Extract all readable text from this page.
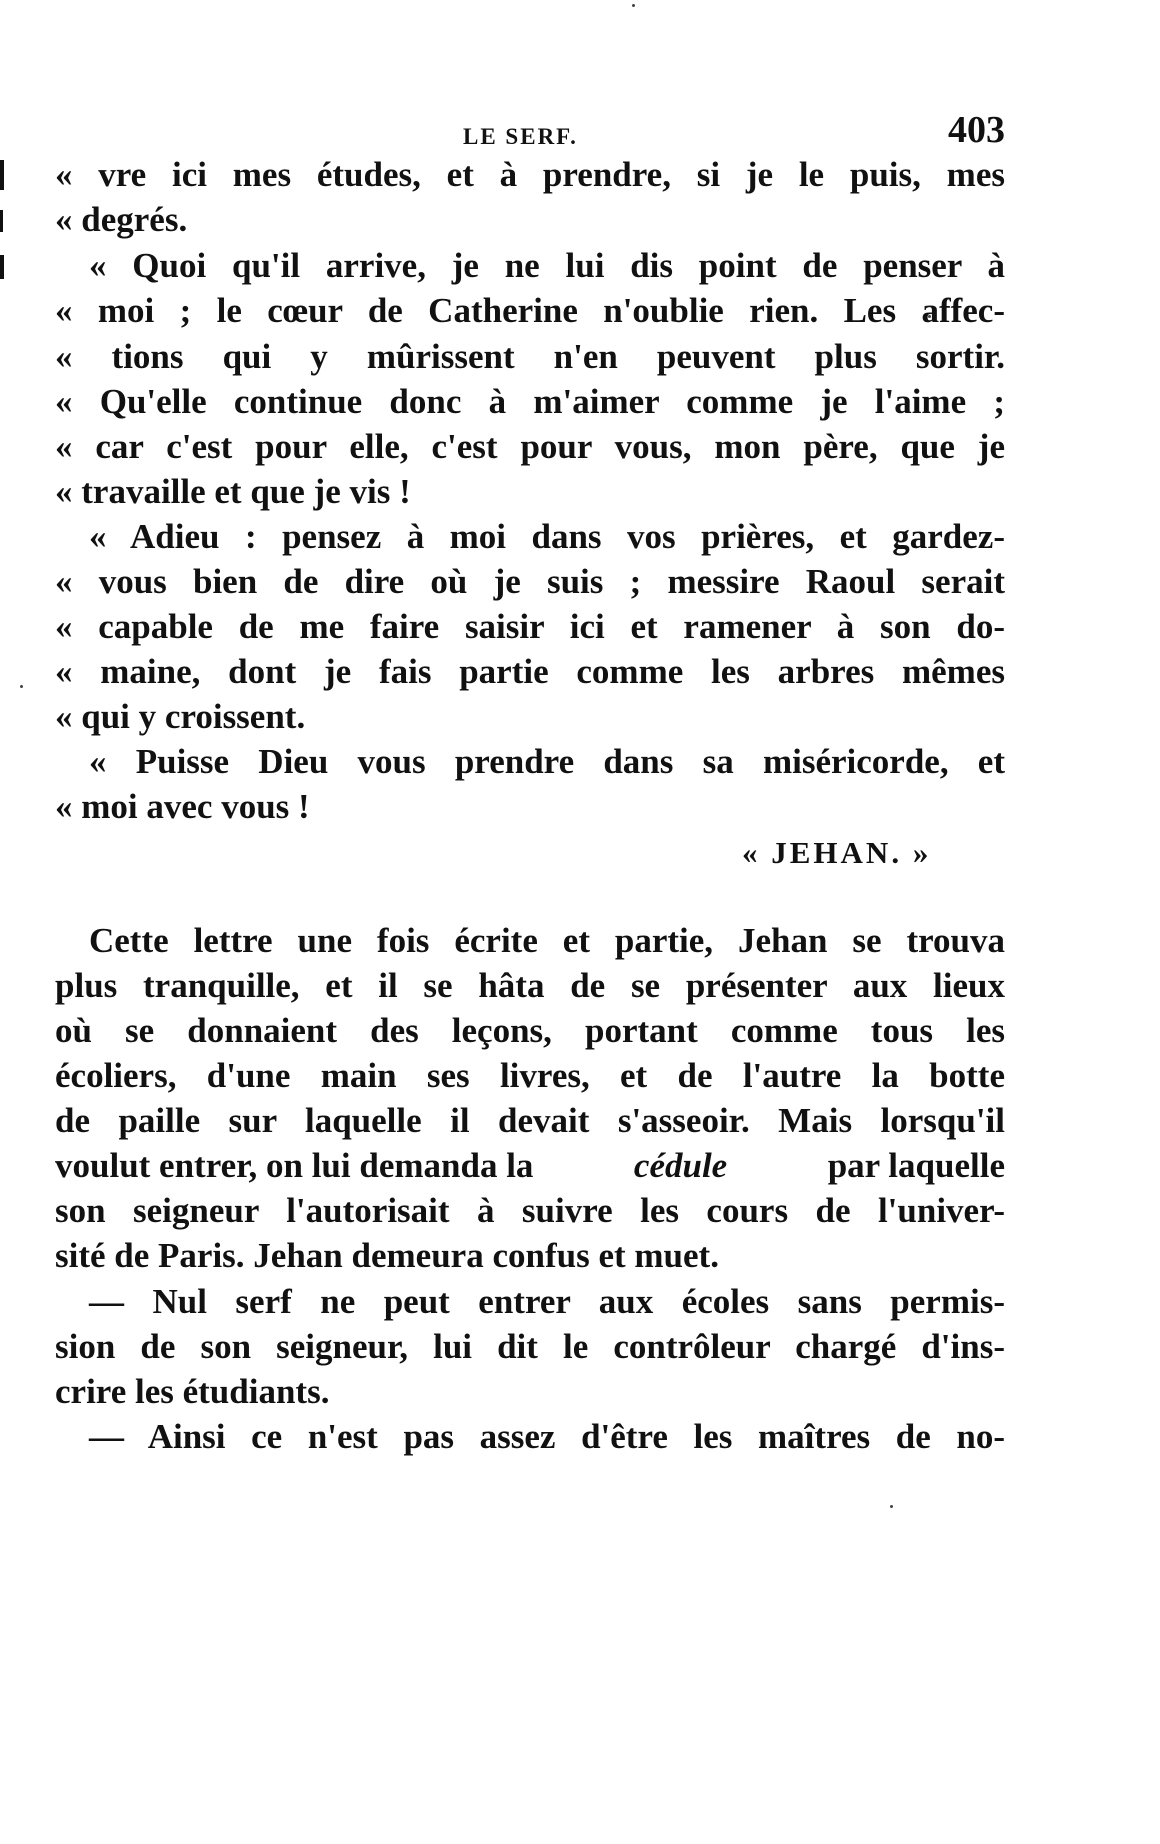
LE SERF.	403
« vre ici mes études, et à prendre, si je le puis, mes
« degrés.
« Quoi qu'il arrive, je ne lui dis point de penser à
« moi ; le cœur de Catherine n'oublie rien. Les affec-
« tions qui y mûrissent n'en peuvent plus sortir.
« Qu'elle continue donc à m'aimer comme je l'aime ;
« car c'est pour elle, c'est pour vous, mon père, que je
« travaille et que je vis !
« Adieu : pensez à moi dans vos prières, et gardez-
« vous bien de dire où je suis ; messire Raoul serait
« capable de me faire saisir ici et ramener à son do-
« maine, dont je fais partie comme les arbres mêmes
« qui y croissent.
« Puisse Dieu vous prendre dans sa miséricorde, et
« moi avec vous !
« JEHAN. »
Cette lettre une fois écrite et partie, Jehan se trouva
plus tranquille, et il se hâta de se présenter aux lieux
où se donnaient des leçons, portant comme tous les
écoliers, d'une main ses livres, et de l'autre la botte
de paille sur laquelle il devait s'asseoir. Mais lorsqu'il
voulut entrer, on lui demanda la	cédule	par laquelle
son seigneur l'autorisait à suivre les cours de l'univer-
sité de Paris. Jehan demeura confus et muet.
— Nul serf ne peut entrer aux écoles sans permis-
sion de son seigneur, lui dit le contrôleur chargé d'ins-
crire les étudiants.
— Ainsi ce n'est pas assez d'être les maîtres de no-
